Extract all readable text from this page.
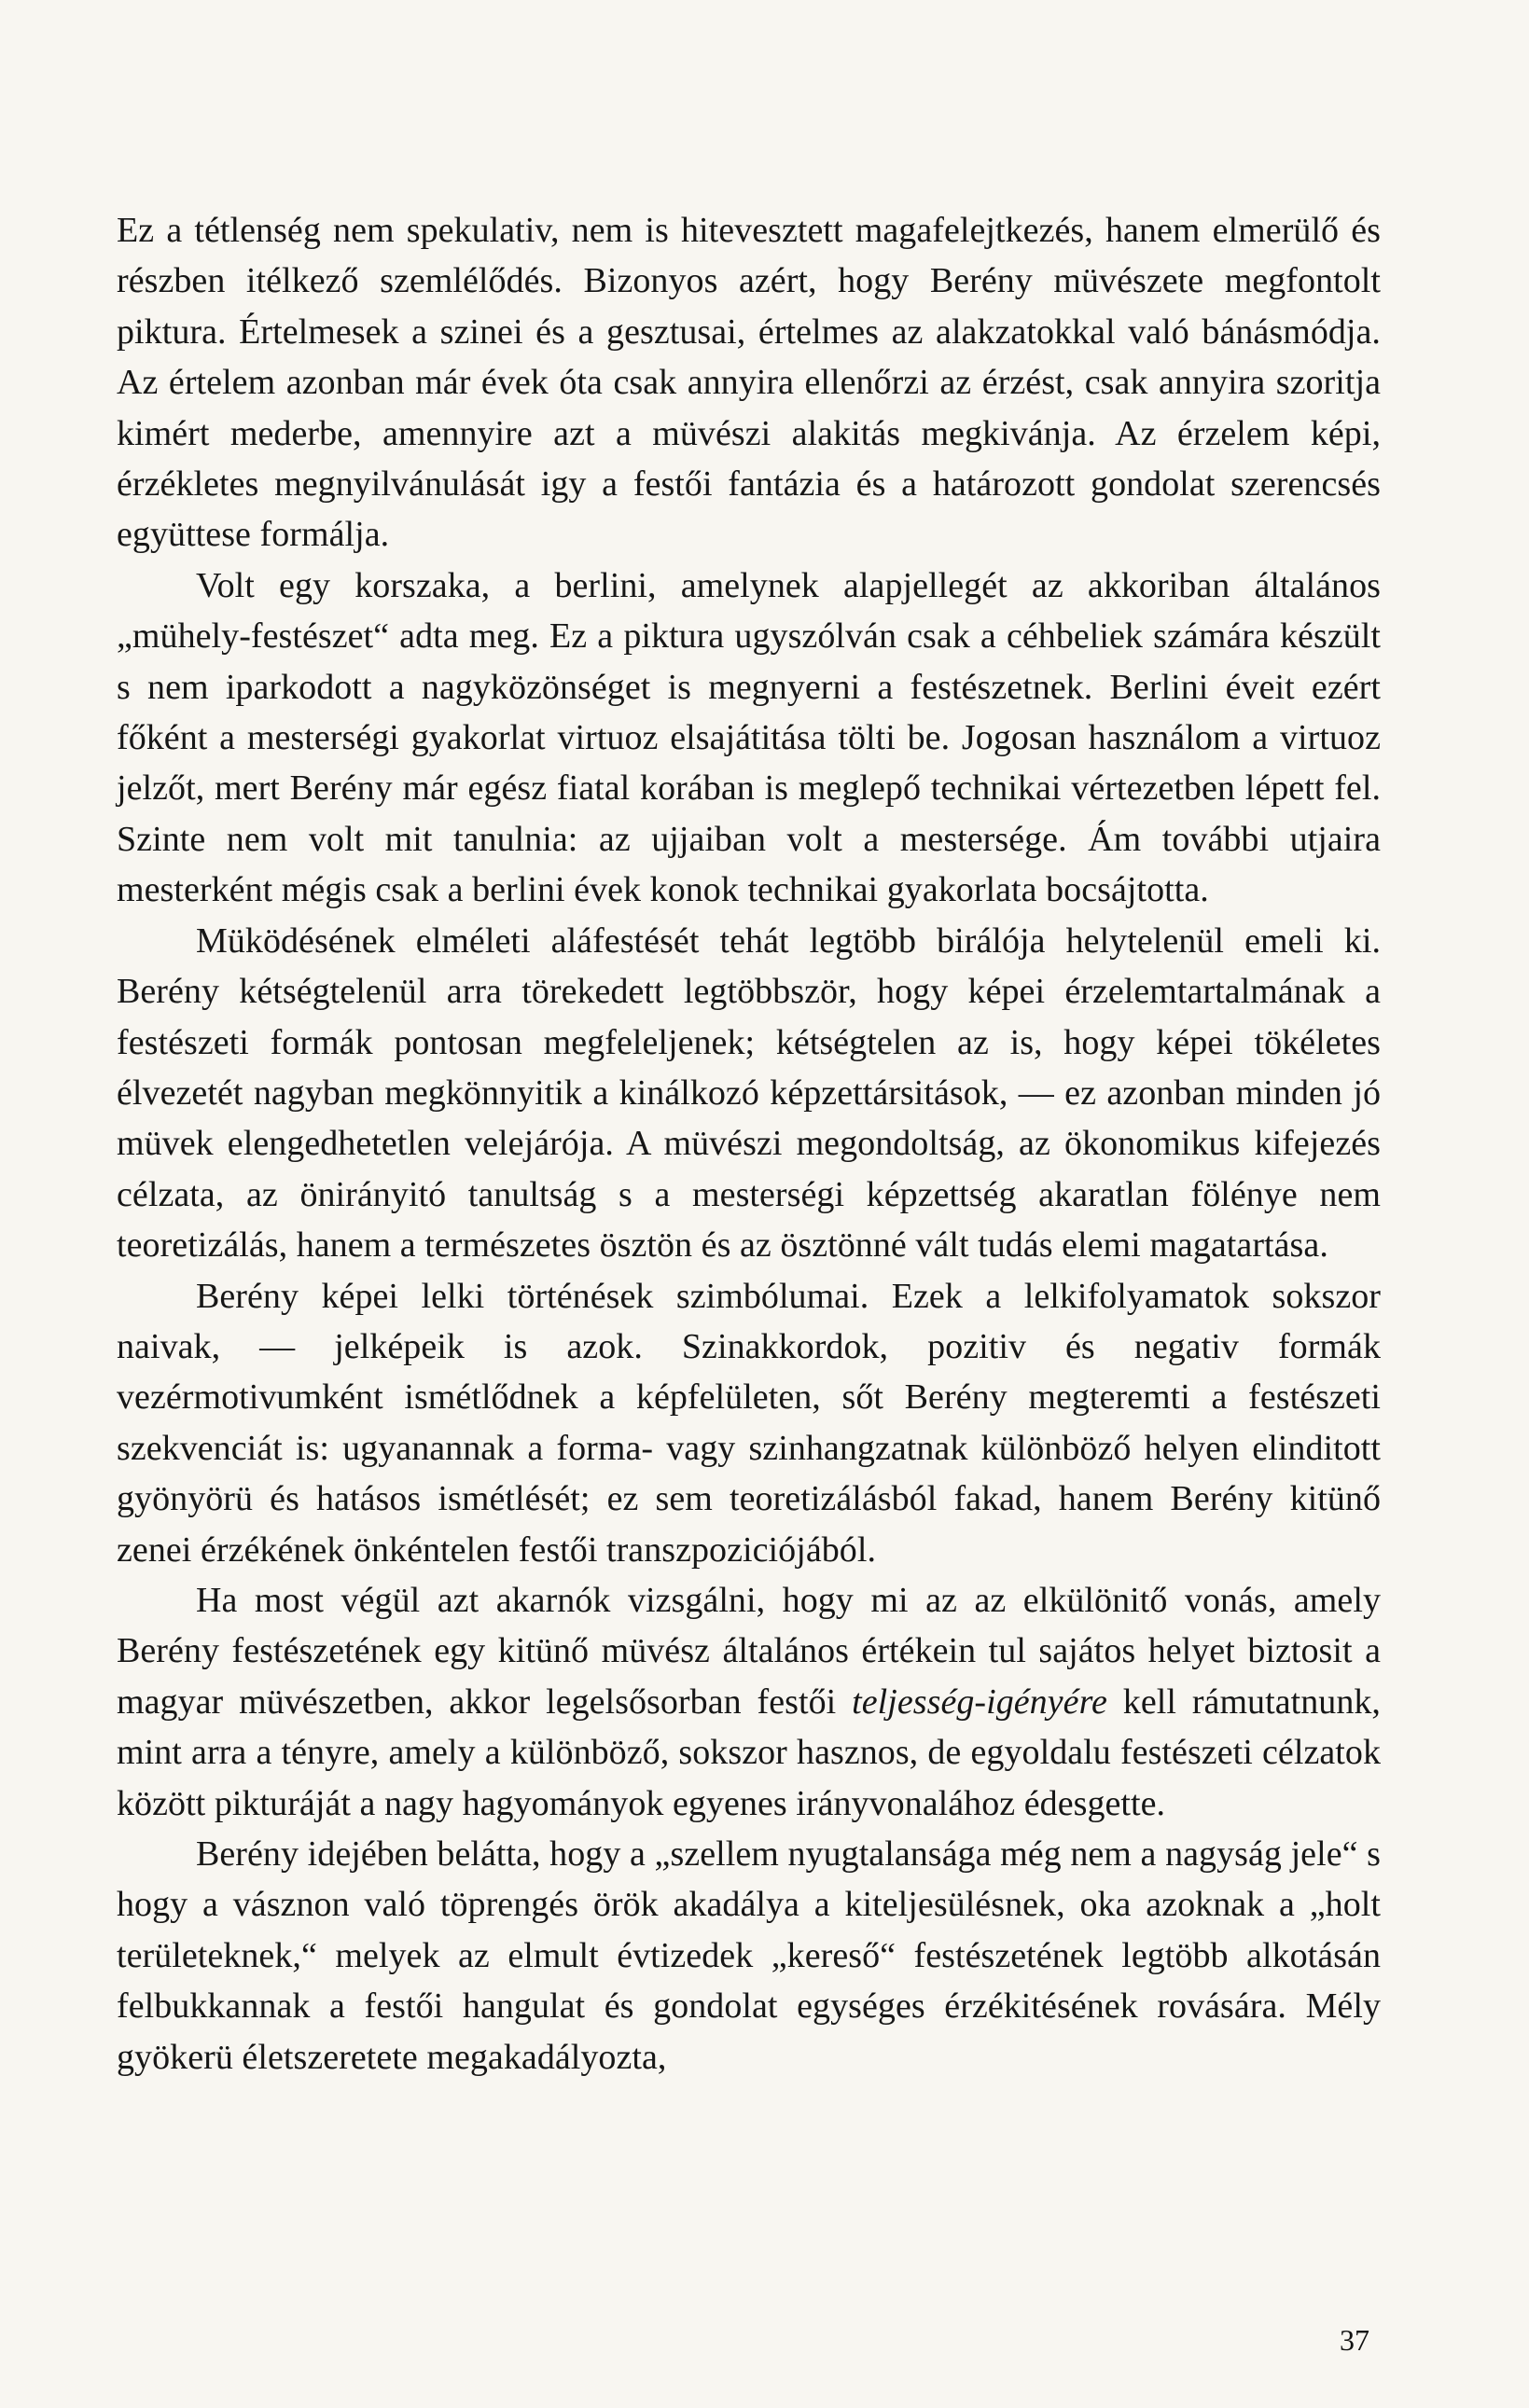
Ez a tétlenség nem spekulativ, nem is hitevesztett magafelejtkezés, hanem elmerülő és részben itélkező szemlélődés. Bizonyos azért, hogy Berény müvészete megfontolt piktura. Értelmesek a szinei és a gesztusai, értelmes az alakzatokkal való bánásmódja. Az értelem azonban már évek óta csak annyira ellenőrzi az érzést, csak annyira szoritja kimért mederbe, amennyire azt a müvészi alakitás megkivánja. Az érzelem képi, érzékletes megnyilvánulását igy a festői fantázia és a határozott gondolat szerencsés együttese formálja.

Volt egy korszaka, a berlini, amelynek alapjellegét az akkoriban általános „mühely-festészet“ adta meg. Ez a piktura ugyszólván csak a céhbeliek számára készült s nem iparkodott a nagyközönséget is megnyerni a festészetnek. Berlini éveit ezért főként a mesterségi gyakorlat virtuoz elsajátitása tölti be. Jogosan használom a virtuoz jelzőt, mert Berény már egész fiatal korában is meglepő technikai vértezetben lépett fel. Szinte nem volt mit tanulnia: az ujjaiban volt a mestersége. Ám további utjaira mesterként mégis csak a berlini évek konok technikai gyakorlata bocsájtotta.

Müködésének elméleti aláfestését tehát legtöbb birálója helytelenül emeli ki. Berény kétségtelenül arra törekedett legtöbbször, hogy képei érzelemtartalmának a festészeti formák pontosan megfeleljenek; kétségtelen az is, hogy képei tökéletes élvezetét nagyban megkönnyitik a kinálkozó képzettársitások, — ez azonban minden jó müvek elengedhetetlen velejárója. A müvészi megondoltság, az ökonomikus kifejezés célzata, az önirányitó tanultság s a mesterségi képzettség akaratlan fölénye nem teoretizálás, hanem a természetes ösztön és az ösztönné vált tudás elemi magatartása.

Berény képei lelki történések szimbólumai. Ezek a lelkifolyamatok sokszor naivak, — jelképeik is azok. Szinakkordok, pozitiv és negativ formák vezérmotivumként ismétlődnek a képfelületen, sőt Berény megteremti a festészeti szekvenciát is: ugyanannak a forma- vagy szinhangzatnak különböző helyen elinditott gyönyörü és hatásos ismétlését; ez sem teoretizálásból fakad, hanem Berény kitünő zenei érzékének önkéntelen festői transzpoziciójából.

Ha most végül azt akarnók vizsgálni, hogy mi az az elkülönitő vonás, amely Berény festészetének egy kitünő müvész általános értékein tul sajátos helyet biztosit a magyar müvészetben, akkor legelsősorban festői teljesség-igényére kell rámutatnunk, mint arra a tényre, amely a különböző, sokszor hasznos, de egyoldalu festészeti célzatok között pikturáját a nagy hagyományok egyenes irányvonalához édesgette.

Berény idejében belátta, hogy a „szellem nyugtalansága még nem a nagyság jele“ s hogy a vásznon való töprengés örök akadálya a kiteljesülésnek, oka azoknak a „holt területeknek,“ melyek az elmult évtizedek „kereső“ festészetének legtöbb alkotásán felbukkannak a festői hangulat és gondolat egységes érzékitésének rovására. Mély gyökerü életszeretete megakadályozta,

37
